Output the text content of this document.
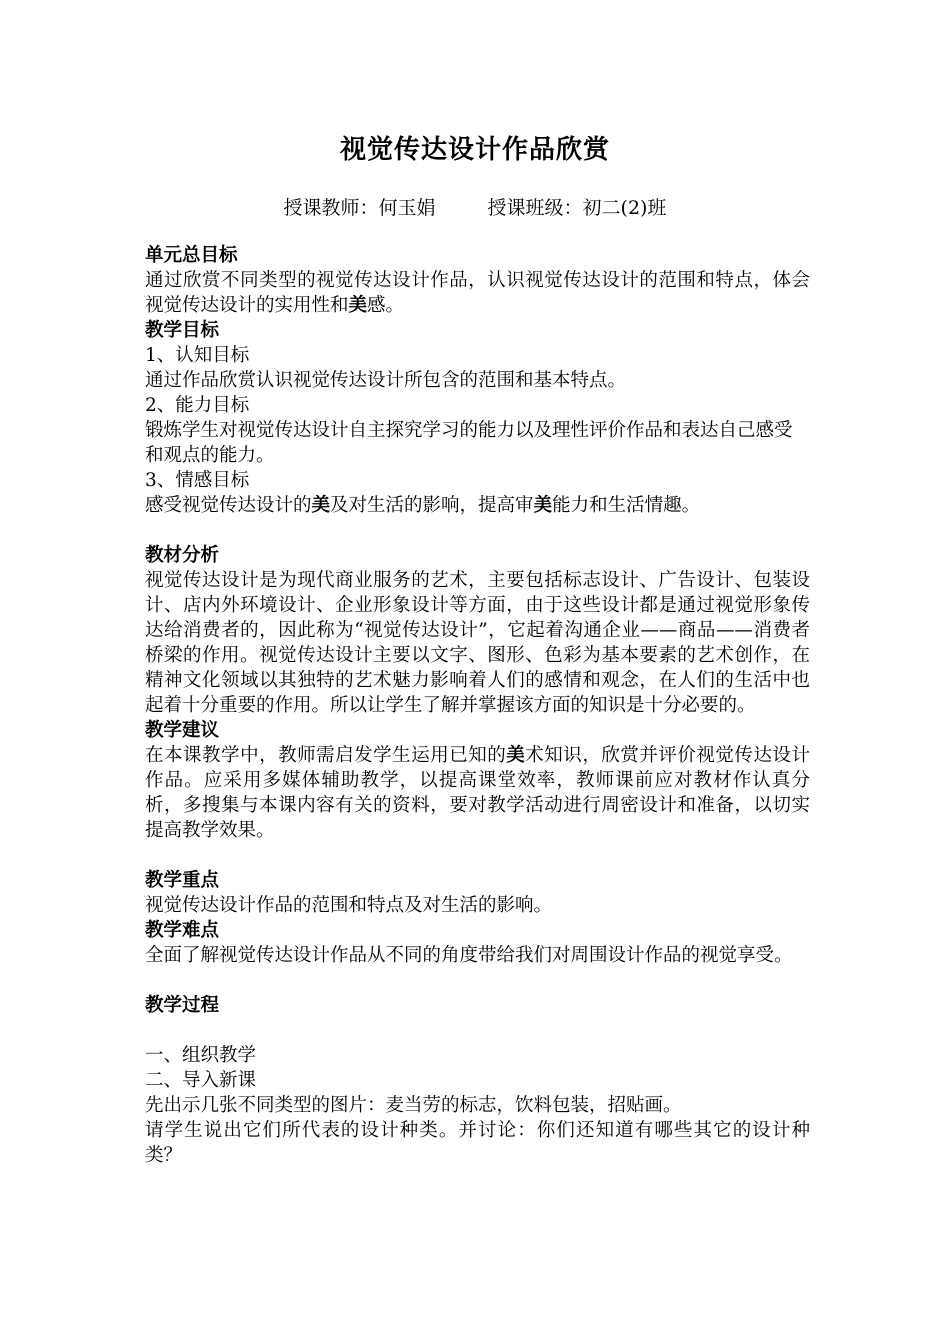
视觉传达设计作品欣赏
授课教师：何玉娟	授课班级：初二(2)班

单元总目标

通过欣赏不同类型的视觉传达设计作品，认识视觉传达设计的范围和特点，体会视觉传达设计的实用性和美感。

教学目标

1、认知目标

通过作品欣赏认识视觉传达设计所包含的范围和基本特点。

2、能力目标

锻炼学生对视觉传达设计自主探究学习的能力以及理性评价作品和表达自己感受和观点的能力。

3、情感目标

感受视觉传达设计的美及对生活的影响，提高审美能力和生活情趣。

教材分析

视觉传达设计是为现代商业服务的艺术，主要包括标志设计、广告设计、包装设计、店内外环境设计、企业形象设计等方面，由于这些设计都是通过视觉形象传达给消费者的，因此称为“视觉传达设计”，它起着沟通企业——商品——消费者桥梁的作用。视觉传达设计主要以文字、图形、色彩为基本要素的艺术创作，在精神文化领域以其独特的艺术魅力影响着人们的感情和观念，在人们的生活中也起着十分重要的作用。所以让学生了解并掌握该方面的知识是十分必要的。

教学建议

在本课教学中，教师需启发学生运用已知的美术知识，欣赏并评价视觉传达设计作品。应采用多媒体辅助教学，以提高课堂效率，教师课前应对教材作认真分析，多搜集与本课内容有关的资料，要对教学活动进行周密设计和准备，以切实提高教学效果。

教学重点

视觉传达设计作品的范围和特点及对生活的影响。

教学难点

全面了解视觉传达设计作品从不同的角度带给我们对周围设计作品的视觉享受。

教学过程

一、组织教学

二、导入新课

先出示几张不同类型的图片：麦当劳的标志，饮料包装，招贴画。

请学生说出它们所代表的设计种类。并讨论：你们还知道有哪些其它的设计种类？
